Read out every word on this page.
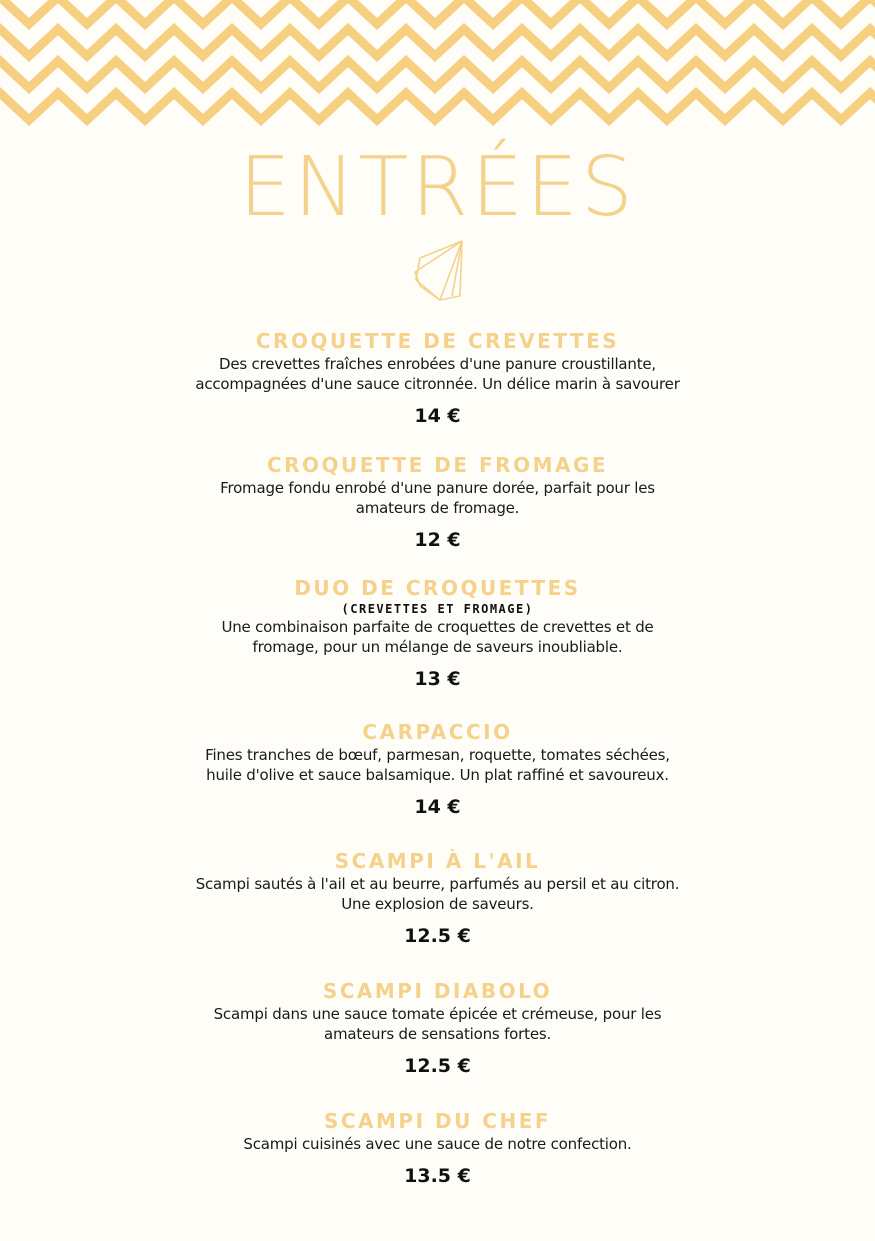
ENTRÉES
CROQUETTE DE CREVETTES
Des crevettes fraîches enrobées d'une panure croustillante,
accompagnées d'une sauce citronnée. Un délice marin à savourer
14 €
CROQUETTE DE FROMAGE
Fromage fondu enrobé d'une panure dorée, parfait pour les
amateurs de fromage.
12 €
DUO DE CROQUETTES
(CREVETTES ET FROMAGE)
Une combinaison parfaite de croquettes de crevettes et de
fromage, pour un mélange de saveurs inoubliable.
13 €
CARPACCIO
Fines tranches de bœuf, parmesan, roquette, tomates séchées,
huile d'olive et sauce balsamique. Un plat raffiné et savoureux.
14 €
SCAMPI À L'AIL
Scampi sautés à l'ail et au beurre, parfumés au persil et au citron.
Une explosion de saveurs.
12.5 €
SCAMPI DIABOLO
Scampi dans une sauce tomate épicée et crémeuse, pour les
amateurs de sensations fortes.
12.5 €
SCAMPI DU CHEF
Scampi cuisinés avec une sauce de notre confection.
13.5 €
